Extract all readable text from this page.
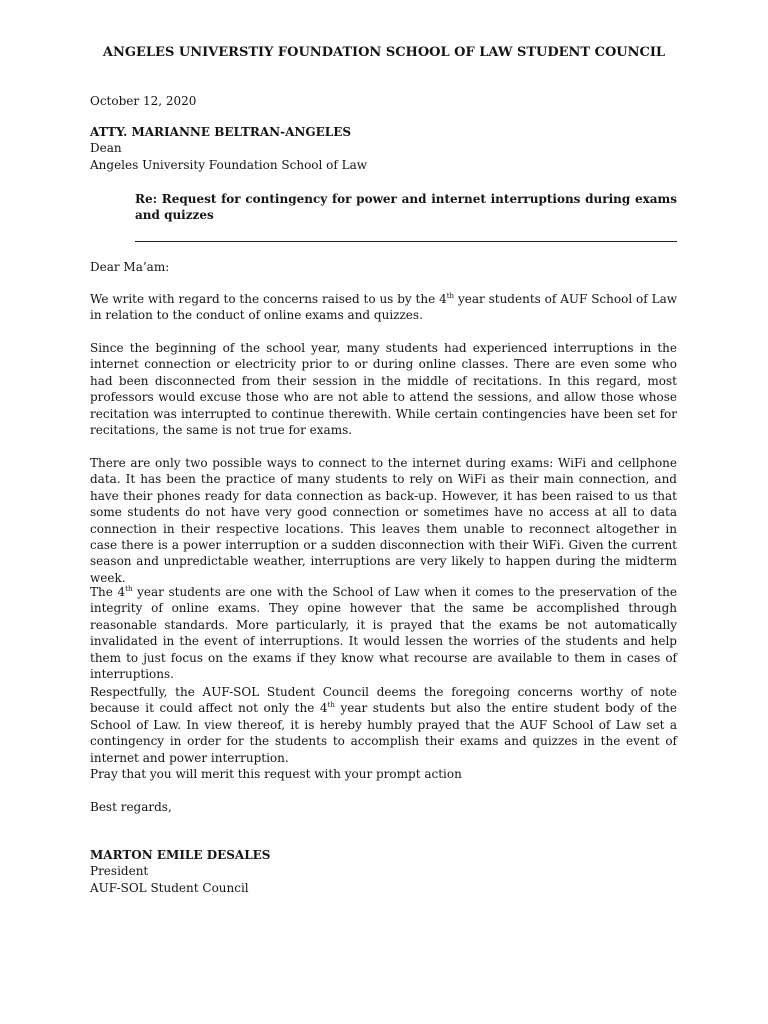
ANGELES UNIVERSTIY FOUNDATION SCHOOL OF LAW STUDENT COUNCIL
October 12, 2020
ATTY. MARIANNE BELTRAN-ANGELES
Dean
Angeles University Foundation School of Law
Re: Request for contingency for power and internet interruptions during exams and quizzes
Dear Ma’am:

We write with regard to the concerns raised to us by the 4th year students of AUF School of Law in relation to the conduct of online exams and quizzes.

Since the beginning of the school year, many students had experienced interruptions in the internet connection or electricity prior to or during online classes. There are even some who had been disconnected from their session in the middle of recitations. In this regard, most professors would excuse those who are not able to attend the sessions, and allow those whose recitation was interrupted to continue therewith. While certain contingencies have been set for recitations, the same is not true for exams.

There are only two possible ways to connect to the internet during exams: WiFi and cellphone data. It has been the practice of many students to rely on WiFi as their main connection, and have their phones ready for data connection as back-up. However, it has been raised to us that some students do not have very good connection or sometimes have no access at all to data connection in their respective locations. This leaves them unable to reconnect altogether in case there is a power interruption or a sudden disconnection with their WiFi. Given the current season and unpredictable weather, interruptions are very likely to happen during the midterm week.

The 4th year students are one with the School of Law when it comes to the preservation of the integrity of online exams. They opine however that the same be accomplished through reasonable standards. More particularly, it is prayed that the exams be not automatically invalidated in the event of interruptions. It would lessen the worries of the students and help them to just focus on the exams if they know what recourse are available to them in cases of interruptions.

Respectfully, the AUF-SOL Student Council deems the foregoing concerns worthy of note because it could affect not only the 4th year students but also the entire student body of the School of Law. In view thereof, it is hereby humbly prayed that the AUF School of Law set a contingency in order for the students to accomplish their exams and quizzes in the event of internet and power interruption.

Pray that you will merit this request with your prompt action

Best regards,
MARTON EMILE DESALES
President
AUF-SOL Student Council
